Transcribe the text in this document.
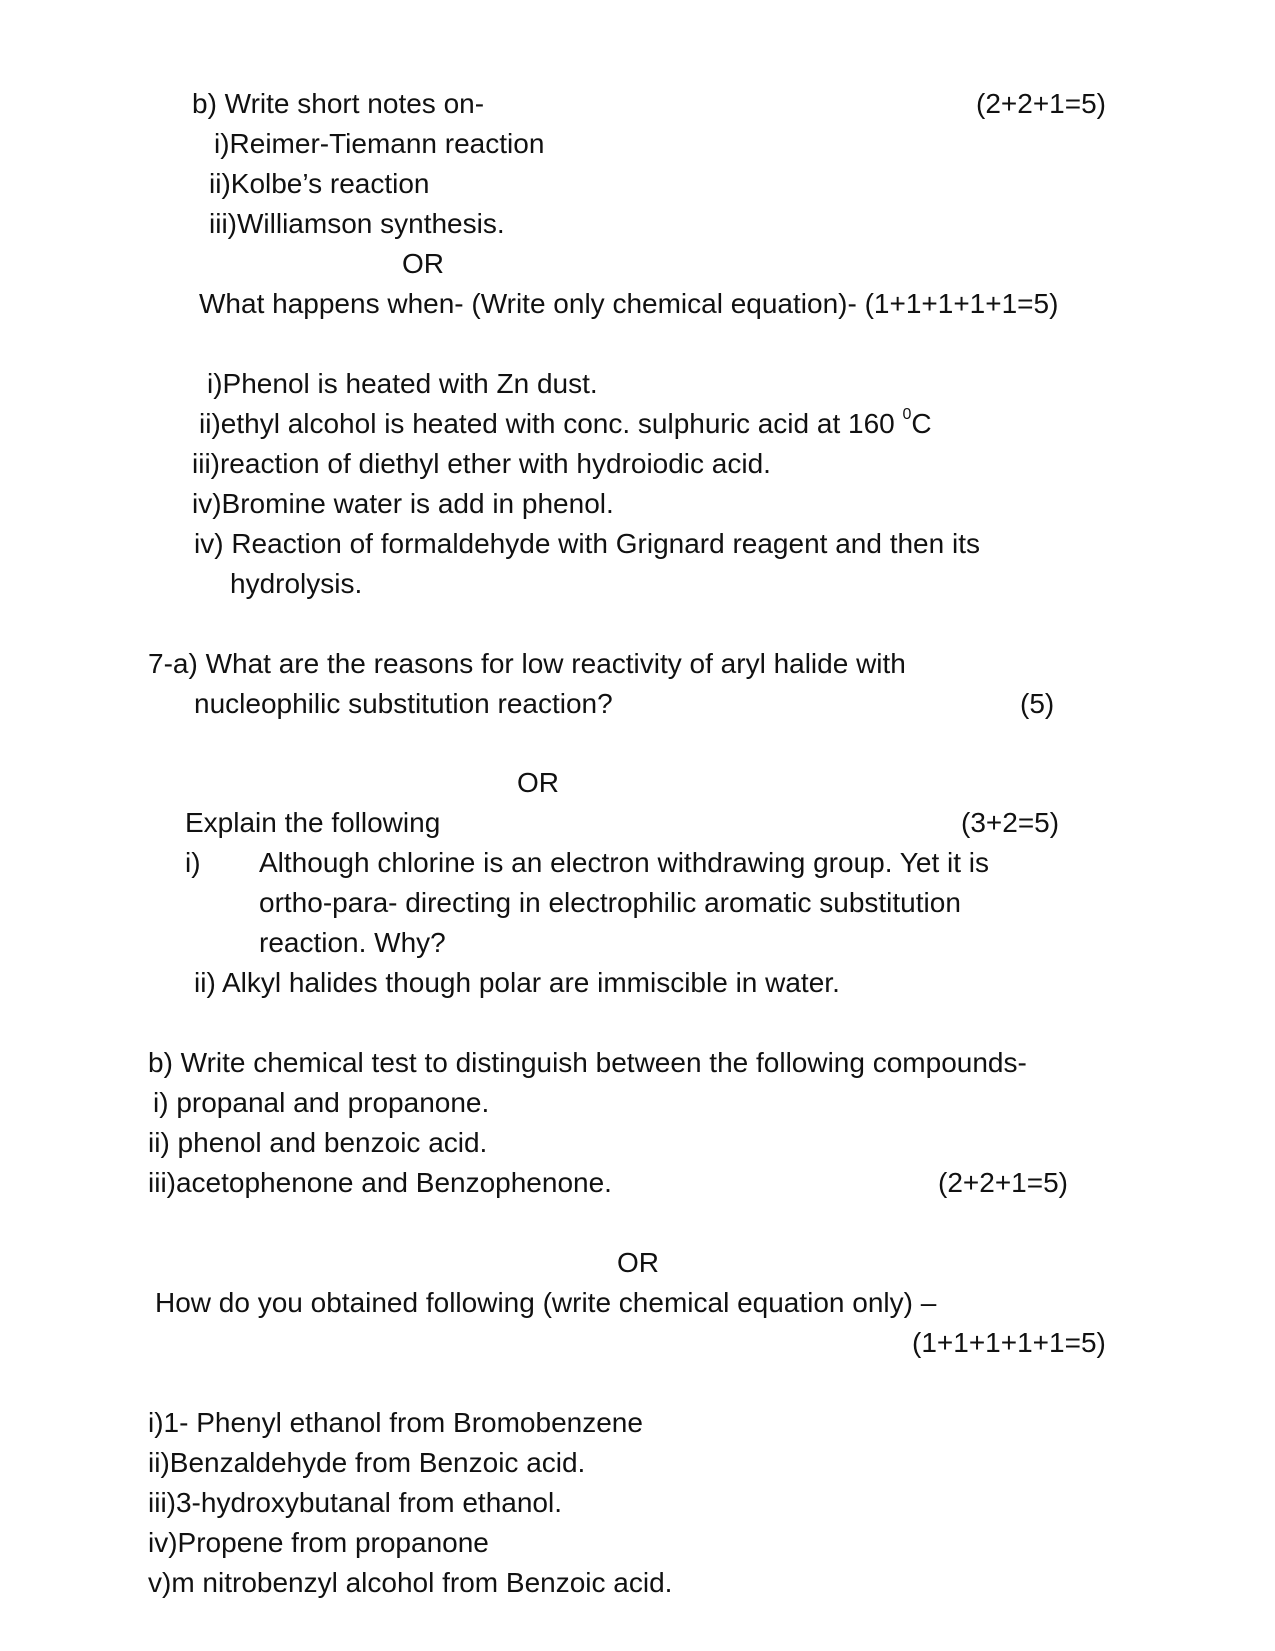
b) Write short notes on-	(2+2+1=5)
i)Reimer-Tiemann reaction
ii)Kolbe’s reaction
iii)Williamson synthesis.
OR
What happens when- (Write only chemical equation)- (1+1+1+1+1=5)
i)Phenol is heated with Zn dust.
ii)ethyl alcohol is heated with conc. sulphuric acid at 160 $^0$C
iii)reaction of diethyl ether with hydroiodic acid.
iv)Bromine water is add in phenol.
iv) Reaction of formaldehyde with Grignard reagent and then its
hydrolysis.
7-a) What are the reasons for low reactivity of aryl halide with
nucleophilic substitution reaction?	(5)
OR
Explain the following	(3+2=5)
i) Although chlorine is an electron withdrawing group. Yet it is
ortho-para- directing in electrophilic aromatic substitution
reaction. Why?
ii) Alkyl halides though polar are immiscible in water.
b) Write chemical test to distinguish between the following compounds-
i) propanal and propanone.
ii) phenol and benzoic acid.
iii)acetophenone and Benzophenone.	(2+2+1=5)
OR
How do you obtained following (write chemical equation only) –
(1+1+1+1+1=5)
i)1- Phenyl ethanol from Bromobenzene
ii)Benzaldehyde from Benzoic acid.
iii)3-hydroxybutanal from ethanol.
iv)Propene from propanone
v)m nitrobenzyl alcohol from Benzoic acid.
